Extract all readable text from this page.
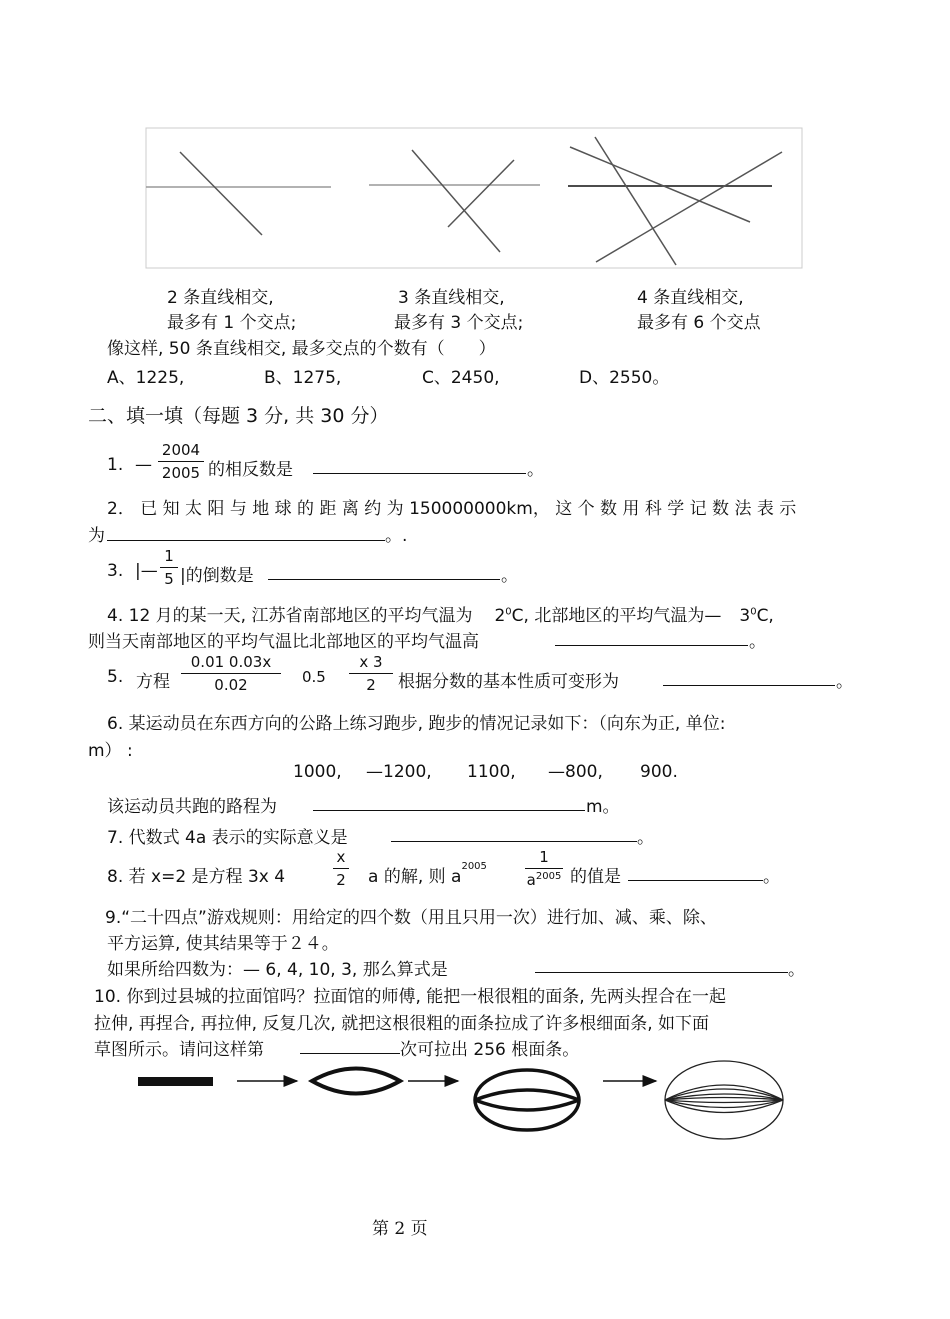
2 条直线相交,
最多有 1 个交点;
3 条直线相交,
最多有 3 个交点;
4 条直线相交,
最多有 6 个交点
像这样, 50 条直线相交, 最多交点的个数有（　　）
A、1225,	B、1275,	C、2450,	D、2550。
二、填一填（每题 3 分, 共 30 分）
1. —
2004
2005 的相反数是	。
2． 已 知 太 阳 与 地 球 的 距 离 约 为 150000000km， 这 个 数 用 科 学 记 数 法 表 示
为	。.
3. |—
1
5 |的倒数是	。
4. 12 月的某一天, 江苏省南部地区的平均气温为 $2^0C$, 北部地区的平均气温为— $3^0C$,
则当天南部地区的平均气温比北部地区的平均气温高	。
5. 方程
0.01 0.03x
0.02	0.5
x 3
2	根据分数的基本性质可变形为	。
6. 某运动员在东西方向的公路上练习跑步, 跑步的情况记录如下：（向东为正, 单位:
m） :
1000, —1200, 1100, —800, 900.
该运动员共跑的路程为	m。
7. 代数式 4a 表示的实际意义是	。
8. 若 x=2 是方程 3x 4
x
2 a 的解, 则 $a^{2005}$
1
$a^{2005}$ 的值是	。
9.“二十四点”游戏规则：用给定的四个数（用且只用一次）进行加、减、乘、除、
平方运算, 使其结果等于２４。
如果所给四数为：— 6, 4, 10, 3, 那么算式是	。
10. 你到过县城的拉面馆吗？拉面馆的师傅, 能把一根很粗的面条, 先两头捏合在一起
拉伸, 再捏合, 再拉伸, 反复几次, 就把这根很粗的面条拉成了许多根细面条, 如下面
草图所示。请问这样第	次可拉出 256 根面条。
第 2 页
